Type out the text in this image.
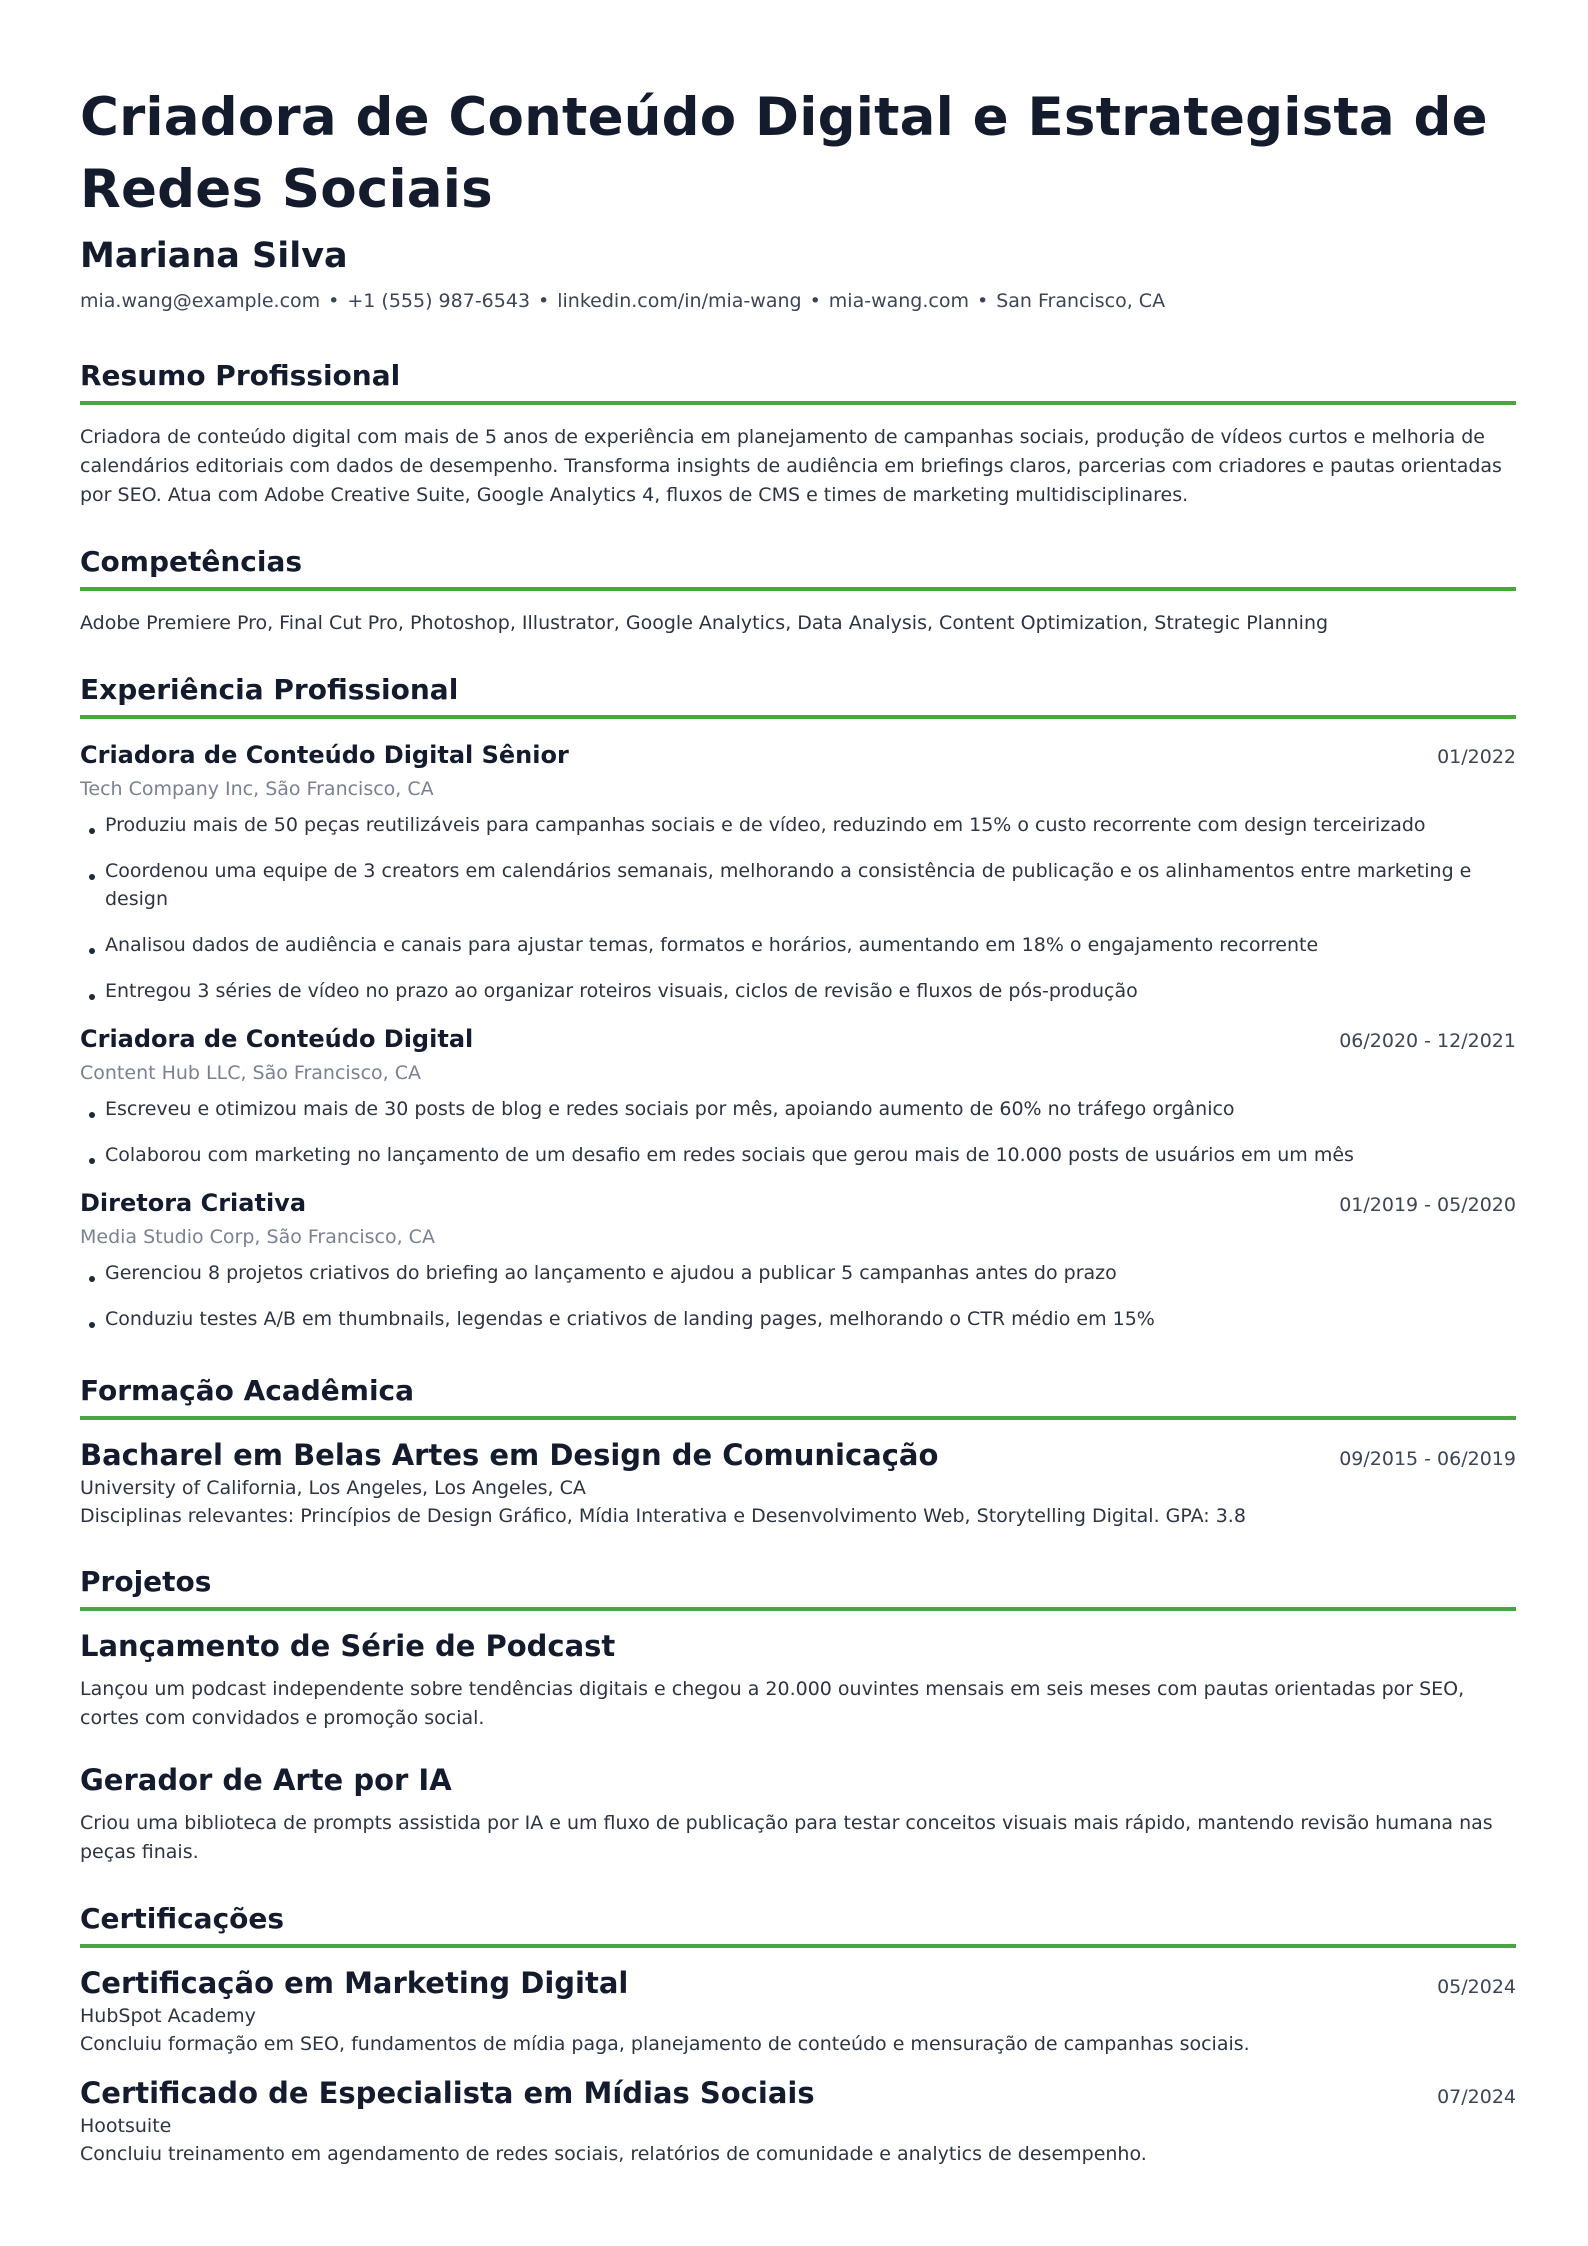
Criadora de Conteúdo Digital e Estrategista de Redes Sociais
Mariana Silva
mia.wang@example.com • +1 (555) 987-6543 • linkedin.com/in/mia-wang • mia-wang.com • San Francisco, CA
Resumo Profissional

Criadora de conteúdo digital com mais de 5 anos de experiência em planejamento de campanhas sociais, produção de vídeos curtos e melhoria de calendários editoriais com dados de desempenho. Transforma insights de audiência em briefings claros, parcerias com criadores e pautas orientadas por SEO. Atua com Adobe Creative Suite, Google Analytics 4, fluxos de CMS e times de marketing multidisciplinares.

Competências

Adobe Premiere Pro, Final Cut Pro, Photoshop, Illustrator, Google Analytics, Data Analysis, Content Optimization, Strategic Planning

Experiência Profissional
Criadora de Conteúdo Digital Sênior	01/2022
Tech Company Inc, São Francisco, CA
Produziu mais de 50 peças reutilizáveis para campanhas sociais e de vídeo, reduzindo em 15% o custo recorrente com design terceirizado
Coordenou uma equipe de 3 creators em calendários semanais, melhorando a consistência de publicação e os alinhamentos entre marketing e design
Analisou dados de audiência e canais para ajustar temas, formatos e horários, aumentando em 18% o engajamento recorrente
Entregou 3 séries de vídeo no prazo ao organizar roteiros visuais, ciclos de revisão e fluxos de pós-produção
Criadora de Conteúdo Digital	06/2020 - 12/2021
Content Hub LLC, São Francisco, CA
Escreveu e otimizou mais de 30 posts de blog e redes sociais por mês, apoiando aumento de 60% no tráfego orgânico
Colaborou com marketing no lançamento de um desafio em redes sociais que gerou mais de 10.000 posts de usuários em um mês
Diretora Criativa	01/2019 - 05/2020
Media Studio Corp, São Francisco, CA
Gerenciou 8 projetos criativos do briefing ao lançamento e ajudou a publicar 5 campanhas antes do prazo
Conduziu testes A/B em thumbnails, legendas e criativos de landing pages, melhorando o CTR médio em 15%
Formação Acadêmica
Bacharel em Belas Artes em Design de Comunicação	09/2015 - 06/2019
University of California, Los Angeles, Los Angeles, CA
Disciplinas relevantes: Princípios de Design Gráfico, Mídia Interativa e Desenvolvimento Web, Storytelling Digital. GPA: 3.8
Projetos
Lançamento de Série de Podcast

Lançou um podcast independente sobre tendências digitais e chegou a 20.000 ouvintes mensais em seis meses com pautas orientadas por SEO, cortes com convidados e promoção social.

Gerador de Arte por IA

Criou uma biblioteca de prompts assistida por IA e um fluxo de publicação para testar conceitos visuais mais rápido, mantendo revisão humana nas peças finais.

Certificações
Certificação em Marketing Digital	05/2024
HubSpot Academy
Concluiu formação em SEO, fundamentos de mídia paga, planejamento de conteúdo e mensuração de campanhas sociais.
Certificado de Especialista em Mídias Sociais	07/2024
Hootsuite
Concluiu treinamento em agendamento de redes sociais, relatórios de comunidade e analytics de desempenho.
